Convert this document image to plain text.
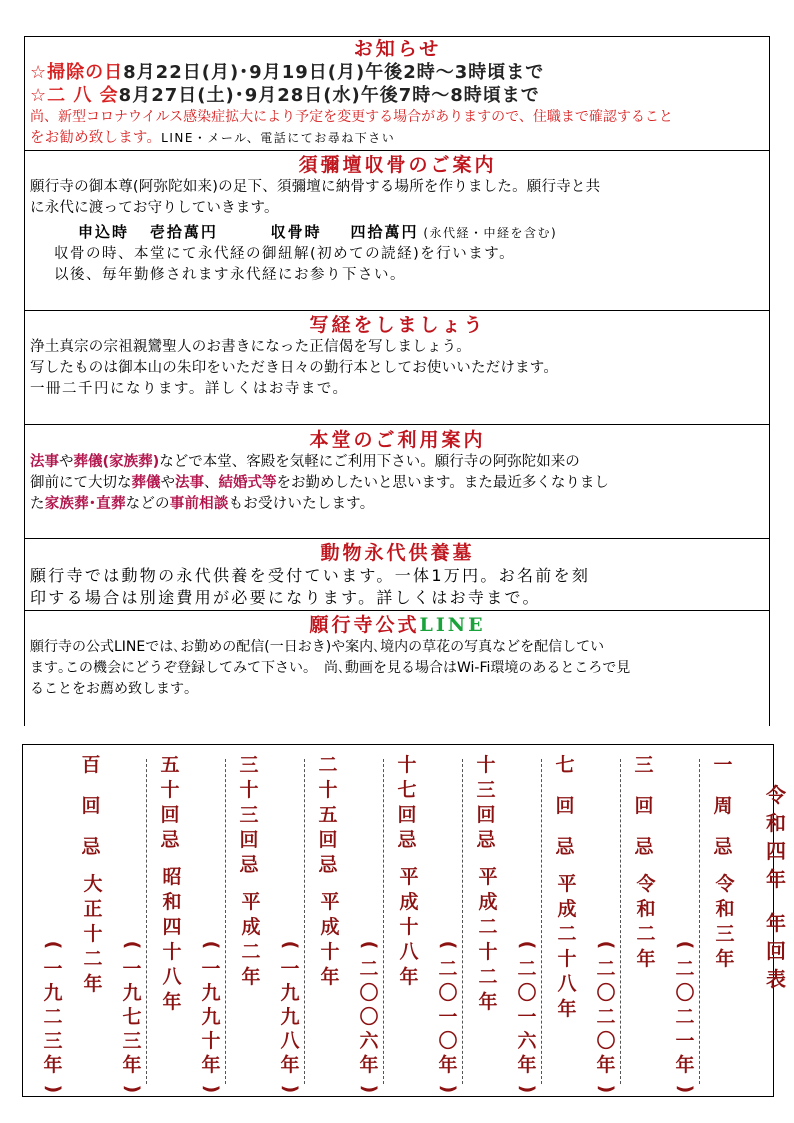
お知らせ
☆掃除の日8月22日(月)･9月19日(月)午後2時～3時頃まで
☆二 八 会8月27日(土)･9月28日(水)午後7時～8時頃まで
尚、新型コロナウイルス感染症拡大により予定を変更する場合がありますので、住職まで確認すること
をお勧め致します。LINE・メール、電話にてお尋ね下さい
須彌壇収骨のご案内
願行寺の御本尊(阿弥陀如来)の足下、須彌壇に納骨する場所を作りました。願行寺と共
に永代に渡ってお守りしていきます。
申込時 壱拾萬円	収骨時 四拾萬円 (永代経・中経を含む)
収骨の時、本堂にて永代経の御紐解(初めての読経)を行います。
以後、毎年勤修されます永代経にお参り下さい。
写経をしましょう
浄土真宗の宗祖親鸞聖人のお書きになった正信偈を写しましょう。
写したものは御本山の朱印をいただき日々の勤行本としてお使いいただけます。
一冊二千円になります。詳しくはお寺まで。
本堂のご利用案内
法事や葬儀(家族葬)などで本堂、客殿を気軽にご利用下さい。願行寺の阿弥陀如来の
御前にて大切な葬儀や法事、結婚式等をお勤めしたいと思います。また最近多くなりまし
た家族葬･直葬などの事前相談もお受けいたします。
動物永代供養墓
願行寺では動物の永代供養を受付ています。一体1万円。お名前を刻
印する場合は別途費用が必要になります。詳しくはお寺まで。
願行寺公式LINE
願行寺の公式LINEでは､お勤めの配信(一日おき)や案内､境内の草花の写真などを配信してい
ます｡この機会にどうぞ登録してみて下さい｡　尚､動画を見る場合はWi-Fi環境のあるところで見
ることをお薦め致します｡
令
和
四
年

年
回
表
一

周

忌
令
和
三
年
(
二
〇
二
一
年
)
三

回

忌
令
和
二
年
(
二
〇
二
〇
年
)
七

回

忌
平
成
二
十
八
年
(
二
〇
一
六
年
)
十
三
回
忌
平
成
二
十
二
年
(
二
〇
一
〇
年
)
十
七
回
忌
平
成
十
八
年
(
二
〇
〇
六
年
)
二
十
五
回
忌
平
成
十
年
(
一
九
九
八
年
)
三
十
三
回
忌
平
成
二
年
(
一
九
九
十
年
)
五
十
回
忌
昭
和
四
十
八
年
(
一
九
七
三
年
)
百

回

忌
大
正
十
二
年
(
一
九
二
三
年
)
